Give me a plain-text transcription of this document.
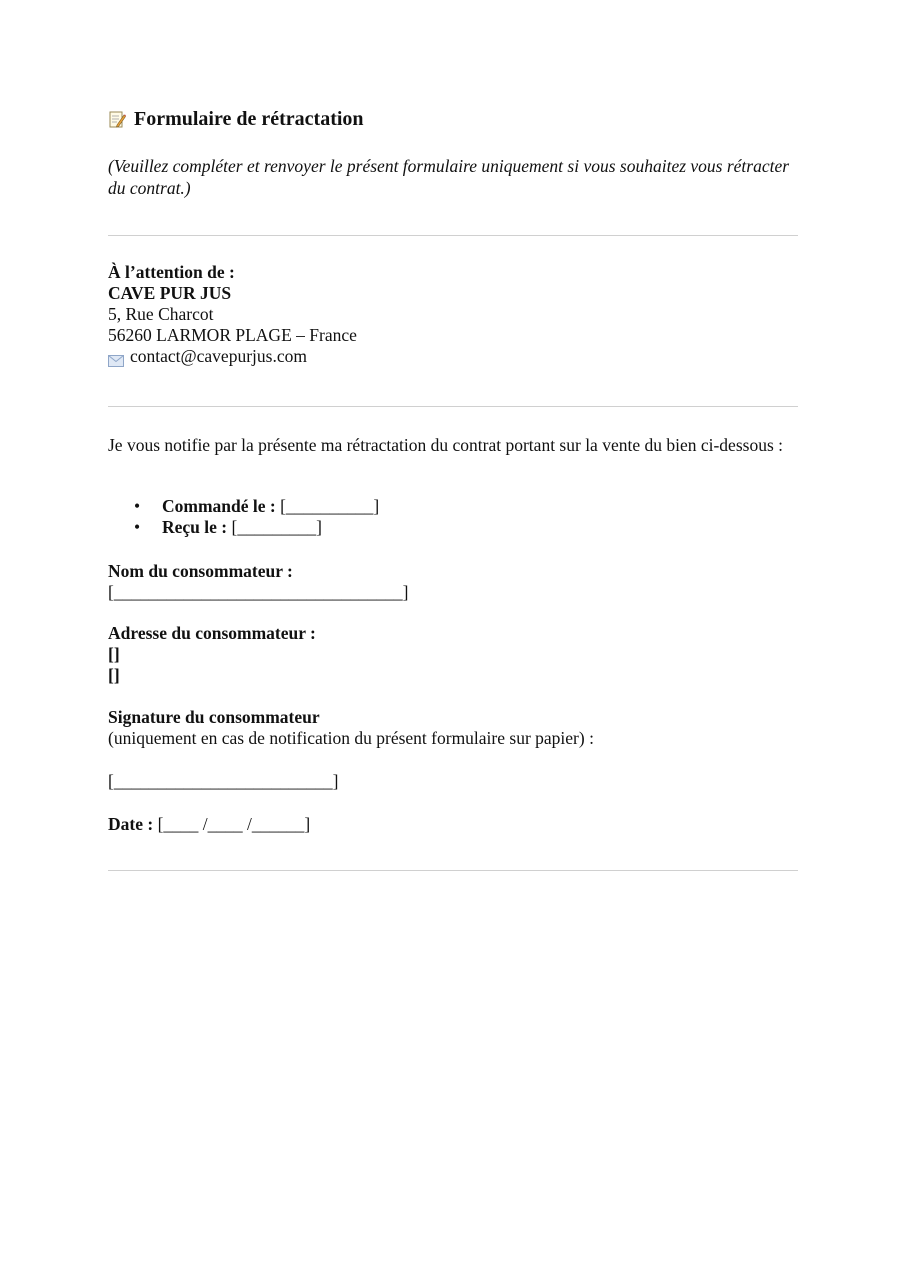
Formulaire de rétractation
(Veuillez compléter et renvoyer le présent formulaire uniquement si vous souhaitez vous rétracter du contrat.)
À l’attention de :
CAVE PUR JUS
5, Rue Charcot
56260 LARMOR PLAGE – France
contact@cavepurjus.com
Je vous notifie par la présente ma rétractation du contrat portant sur la vente du bien ci-dessous :
• Commandé le : [__________]
• Reçu le : [_________]
Nom du consommateur :
[_________________________________]
Adresse du consommateur :
[]
[]
Signature du consommateur
(uniquement en cas de notification du présent formulaire sur papier) :
[_________________________]
Date : [____ /____ /______]
